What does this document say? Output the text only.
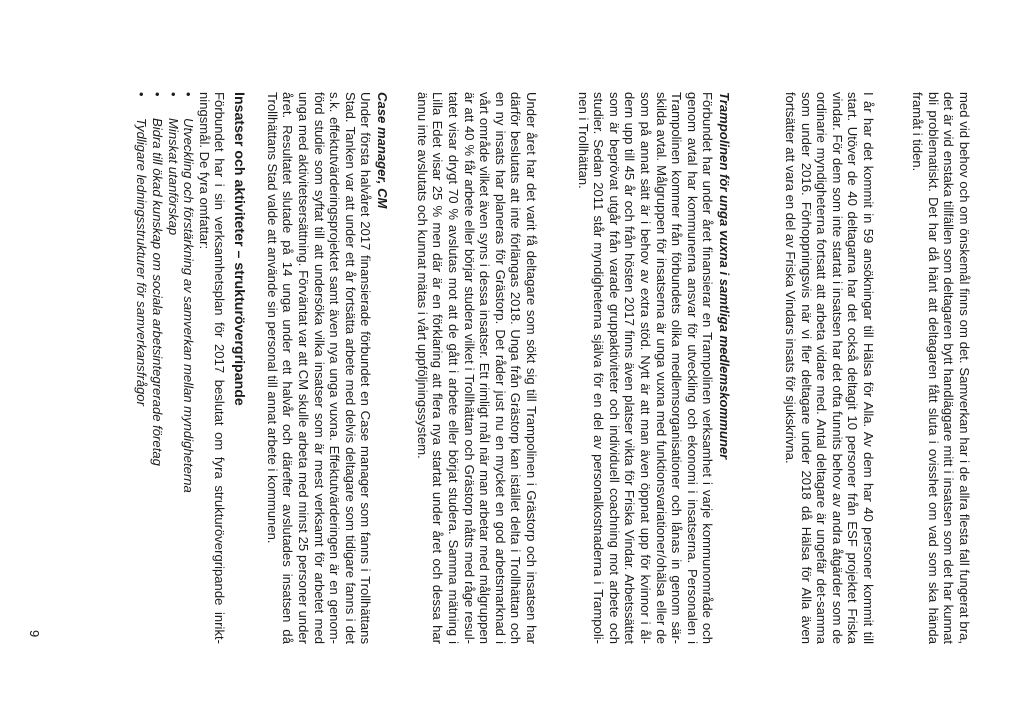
med vid behov och om önskemål finns om det. Samverkan har i de allra flesta fall fungerat bra, det är vid enstaka tillfällen som deltagaren bytt handläggare mitt i insatsen som det har kunnat bli problematiskt. Det har då hänt att deltagaren fått sluta i ovisshet om vad som ska hända framåt i tiden.

I år har det kommit in 59 ansökningar till Hälsa för Alla. Av dem har 40 personer kommit till start. Utöver de 40 deltagarna har det också deltagit 10 personer från ESF projektet Friska vindar. För dem som inte startat i insatsen har det ofta funnits behov av andra åtgärder som de ordinarie myndigheterna fortsatt att arbeta vidare med. Antal deltagare är ungefär det-samma som under 2016. Förhoppningsvis när vi fler deltagare under 2018 då Hälsa för Alla även fortsätter att vara en del av Friska Vindars insats för sjukskrivna.

Trampolinen för unga vuxna i samtliga medlemskommuner

Förbundet har under året finansierar en Trampolinen verksamhet i varje kommunområde och genom avtal har kommunerna ansvar för utveckling och ekonomi i insatserna. Personalen i Trampolinen kommer från förbundets olika medlemsorganisationer och lånas in genom sär-skilda avtal. Målgruppen för insatserna är unga vuxna med funktionsvariationer/ohälsa eller de som på annat sätt är i behov av extra stöd. Nytt är att man även öppnat upp för kvinnor i ål-dern upp till 45 år och från hösten 2017 finns även platser vikta för Friska Vindar. Arbetssättet som är beprövat utgår från varade gruppaktiviteter och individuell coachning mot arbete och studier. Sedan 2011 står myndigheterna själva för en del av personalkostnaderna i Trampoli-nen i Trollhättan.

Under året har det varit få deltagare som sökt sig till Trampolinen i Grästorp och insatsen har därför beslutats att inte förlängas 2018. Unga från Grästorp kan istället delta i Trollhättan och en ny insats har planeras för Grästorp. Det råder just nu en mycket en god arbetsmarknad i vårt område vilket även syns i dessa insatser. Ett rimligt mål när man arbetar med målgruppen är att 40 % får arbete eller börjar studera vilket i Trollhättan och Grästorp nåtts med råge resul-tatet visar drygt 70 % avslutas mot att de gått i arbete eller börjat studera. Samma mätning i Lilla Edet visar 25 % men där är en förklaring att flera nya startat under året och dessa har ännu inte avslutats och kunnat mätas i vårt uppföljningssystem.

Case manager, CM

Under första halvåret 2017 finansierade förbundet en Case manager som fanns i Trollhättans Stad. Tanken var att under ett år fortsätta arbete med delvis deltagare som tidigare fanns i det s.k. effektutvärderingsprojektet samt även nya unga vuxna. Effektutvärderingen är en genom-förd studie som syftat till att undersöka vilka insatser som är mest verksamt för arbetet med unga med aktivitetsersättning. Förväntat var att CM skulle arbeta med minst 25 personer under året. Resultatet slutade på 14 unga under ett halvår och därefter avslutades insatsen då Trollhättans Stad valde att använde sin personal till annat arbete i kommunen.

Insatser och aktiviteter – strukturövergripande

Förbundet har i sin verksamhetsplan för 2017 beslutat om fyra strukturövergripande inrikt-ningsmål. De fyra omfattar:

• Utveckling och förstärkning av samverkan mellan myndigheterna
• Minskat utanförskap
• Bidra till ökad kunskap om sociala arbetsintegrerade företag
• Tydligare ledningsstrukturer för samverkansfrågor
9
